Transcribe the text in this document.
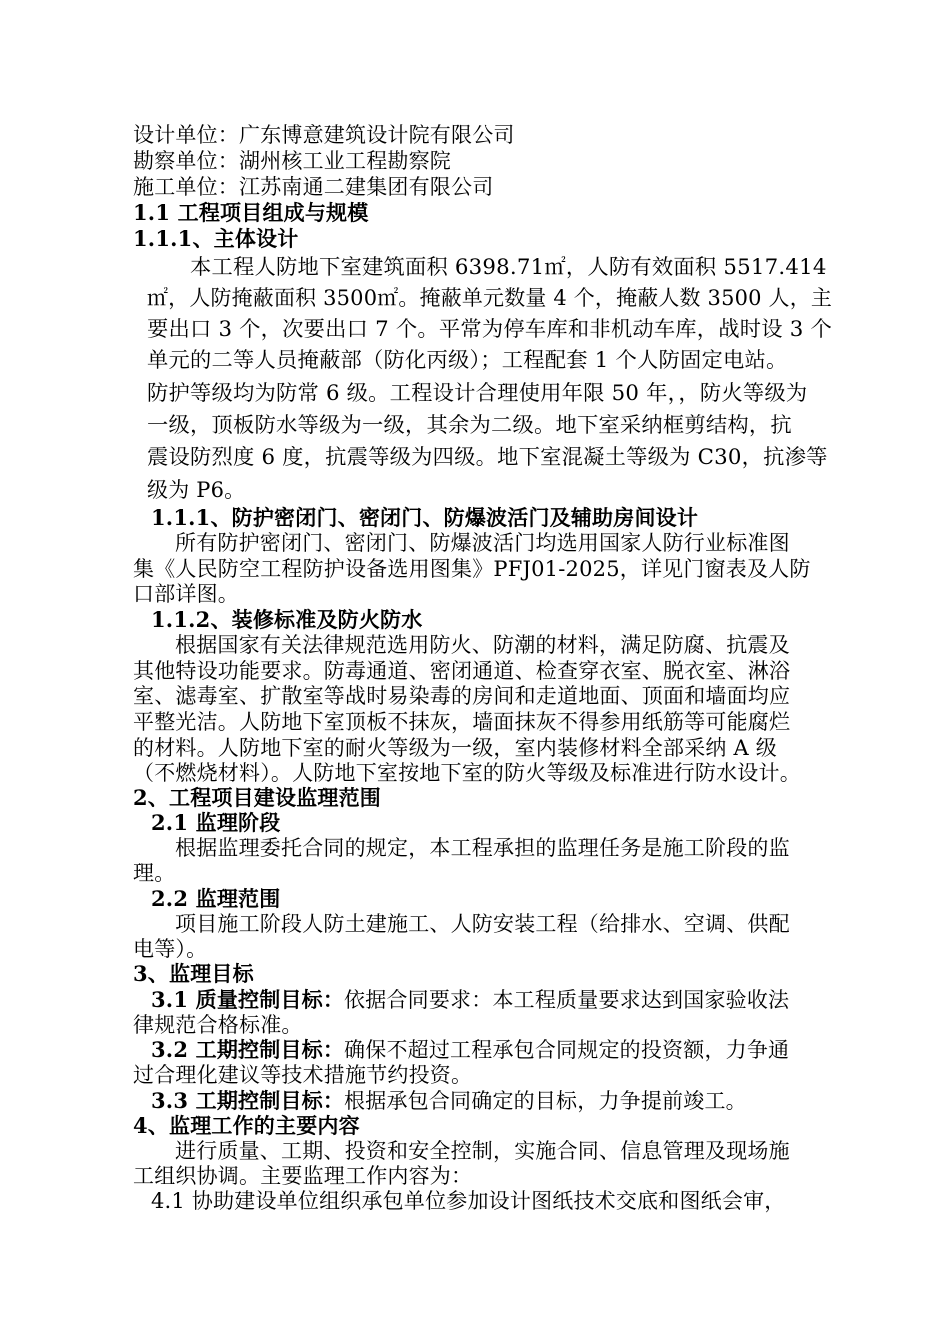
设计单位：广东博意建筑设计院有限公司
勘察单位：湖州核工业工程勘察院
施工单位：江苏南通二建集团有限公司
1.1 工程项目组成与规模
1.1.1、主体设计
本工程人防地下室建筑面积 6398.71㎡，人防有效面积 5517.414
㎡，人防掩蔽面积 3500㎡。掩蔽单元数量 4 个，掩蔽人数 3500 人，主
要出口 3 个，次要出口 7 个。平常为停车库和非机动车库，战时设 3 个
单元的二等人员掩蔽部（防化丙级）；工程配套 1 个人防固定电站。
防护等级均为防常 6 级。工程设计合理使用年限 50 年，，防火等级为
一级，顶板防水等级为一级，其余为二级。地下室采纳框剪结构，抗
震设防烈度 6 度，抗震等级为四级。地下室混凝土等级为 C30，抗渗等
级为 P6。
1.1.1、防护密闭门、密闭门、防爆波活门及辅助房间设计
所有防护密闭门、密闭门、防爆波活门均选用国家人防行业标准图
集《人民防空工程防护设备选用图集》PFJ01-2025，详见门窗表及人防
口部详图。
1.1.2、装修标准及防火防水
根据国家有关法律规范选用防火、防潮的材料，满足防腐、抗震及
其他特设功能要求。防毒通道、密闭通道、检查穿衣室、脱衣室、淋浴
室、滤毒室、扩散室等战时易染毒的房间和走道地面、顶面和墙面均应
平整光洁。人防地下室顶板不抹灰，墙面抹灰不得参用纸筋等可能腐烂
的材料。人防地下室的耐火等级为一级，室内装修材料全部采纳 A 级
（不燃烧材料）。人防地下室按地下室的防火等级及标准进行防水设计。
2、工程项目建设监理范围
2.1 监理阶段
根据监理委托合同的规定，本工程承担的监理任务是施工阶段的监
理。
2.2 监理范围
项目施工阶段人防土建施工、人防安装工程（给排水、空调、供配
电等）。
3、监理目标
3.1 质量控制目标：依据合同要求：本工程质量要求达到国家验收法
律规范合格标准。
3.2 工期控制目标：确保不超过工程承包合同规定的投资额，力争通
过合理化建议等技术措施节约投资。
3.3 工期控制目标：根据承包合同确定的目标，力争提前竣工。
4、监理工作的主要内容
进行质量、工期、投资和安全控制，实施合同、信息管理及现场施
工组织协调。主要监理工作内容为：
4.1 协助建设单位组织承包单位参加设计图纸技术交底和图纸会审，
